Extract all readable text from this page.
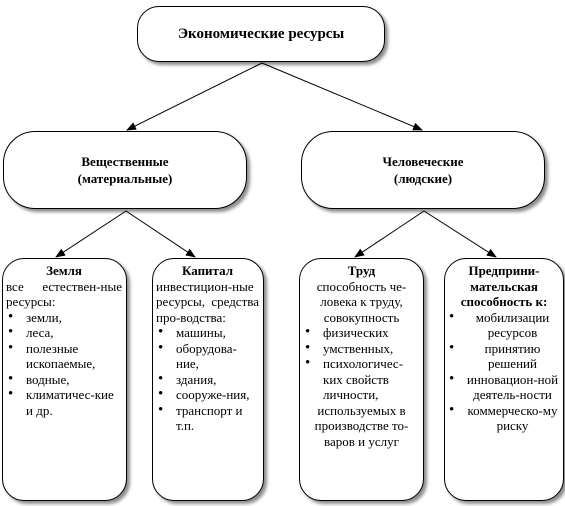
Экономические ресурсы
Вещественные
(материальные)
Человеческие
(людские)
Земля
все естествен-ные ресурсы:
• земли,
• леса,
• полезные ископаемые,
• водные,
• климатичес-кие и др.
Капитал
инвестицион-ные ресурсы, средства про-водства:
• машины,
• оборудова-ние,
• здания,
• сооруже-ния,
• транспорт и т.п.
Труд
способность че-ловека к труду, совокупность
• физических
• умственных,
• психологичес-ких свойств личности,
используемых в производстве то-варов и услуг
Предприни-мательская способность к:
• мобилизации ресурсов
• принятию решений
• инновацион-ной деятель-ности
• коммерческо-му риску
